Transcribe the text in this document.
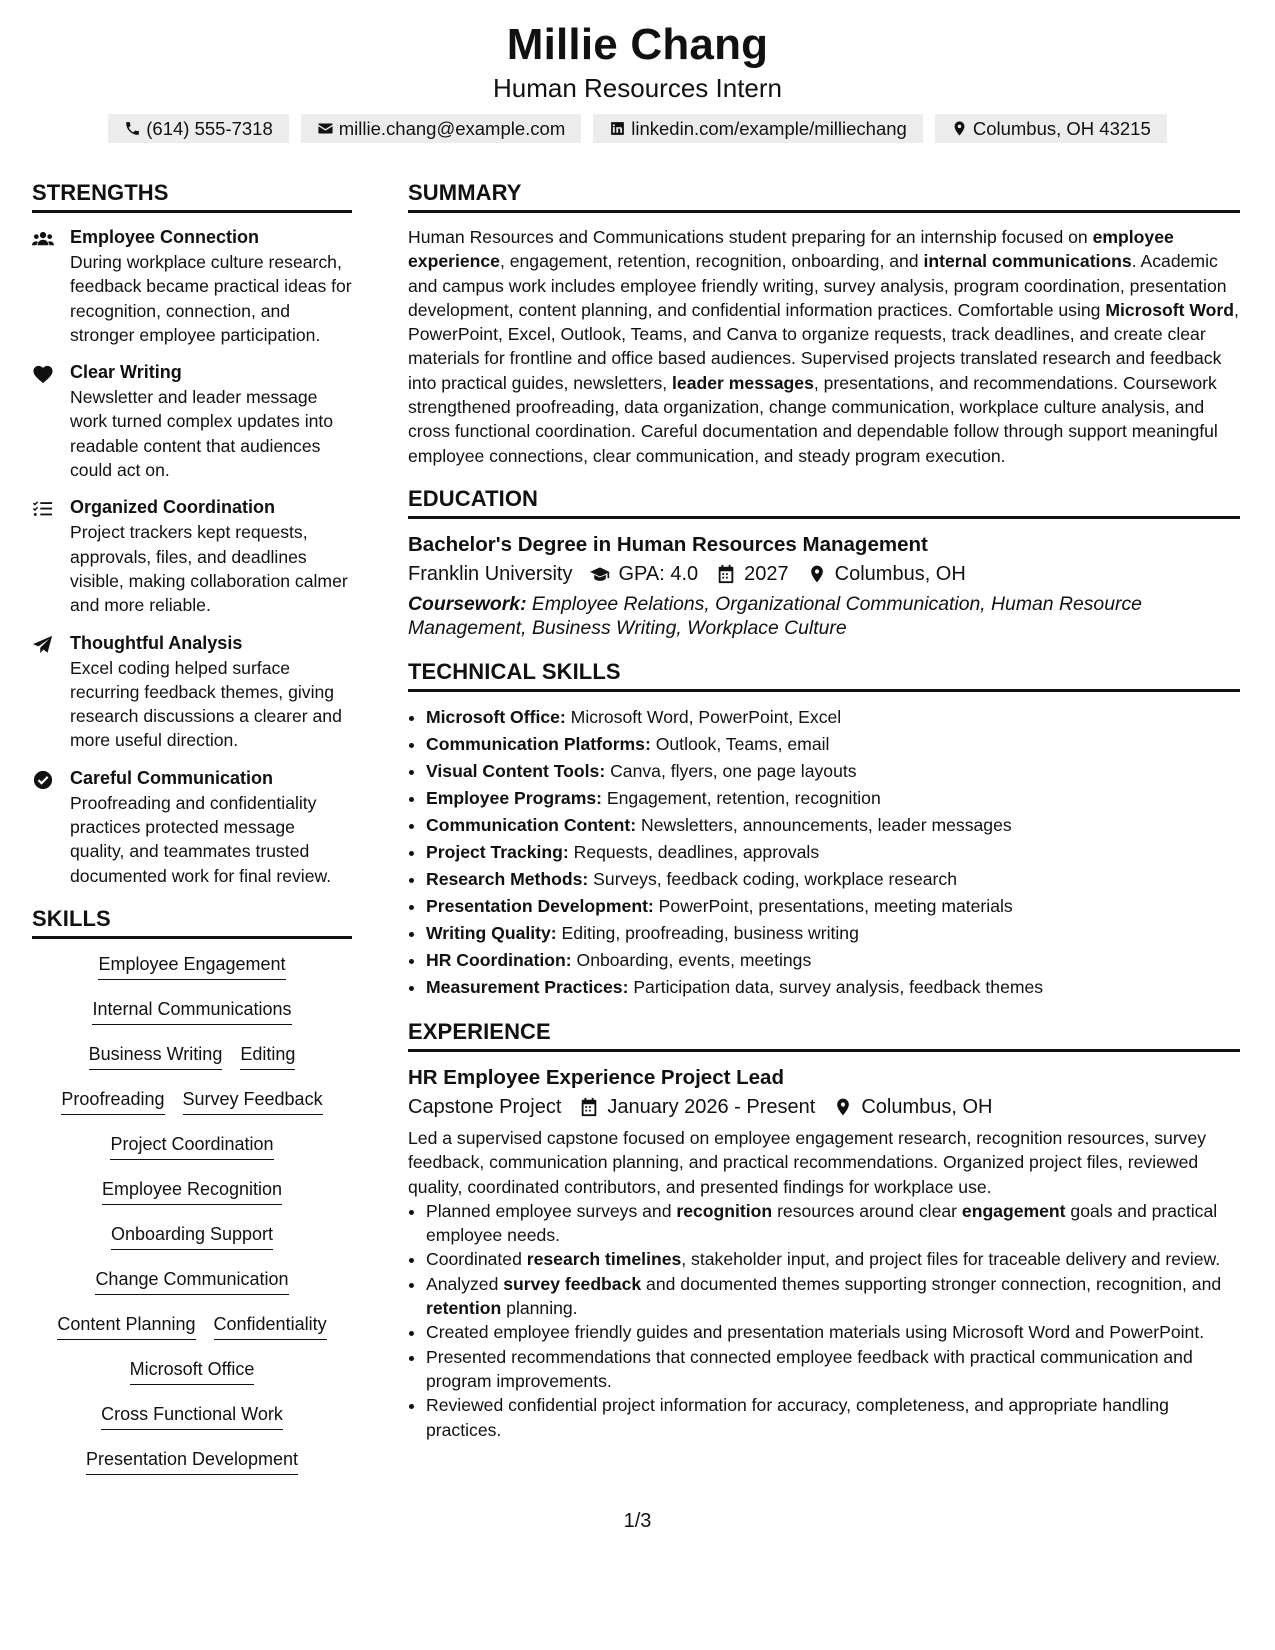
Millie Chang
Human Resources Intern
(614) 555-7318	millie.chang@example.com	linkedin.com/example/milliechang	Columbus, OH 43215
STRENGTHS
Employee Connection
During workplace culture research, feedback became practical ideas for recognition, connection, and stronger employee participation.
Clear Writing
Newsletter and leader message work turned complex updates into readable content that audiences could act on.
Organized Coordination
Project trackers kept requests, approvals, files, and deadlines visible, making collaboration calmer and more reliable.
Thoughtful Analysis
Excel coding helped surface recurring feedback themes, giving research discussions a clearer and more useful direction.
Careful Communication
Proofreading and confidentiality practices protected message quality, and teammates trusted documented work for final review.
SKILLS
Employee Engagement
Internal Communications
Business Writing Editing
Proofreading Survey Feedback
Project Coordination
Employee Recognition
Onboarding Support
Change Communication
Content Planning Confidentiality
Microsoft Office
Cross Functional Work
Presentation Development
SUMMARY

Human Resources and Communications student preparing for an internship focused on employee experience, engagement, retention, recognition, onboarding, and internal communications. Academic and campus work includes employee friendly writing, survey analysis, program coordination, presentation development, content planning, and confidential information practices. Comfortable using Microsoft Word, PowerPoint, Excel, Outlook, Teams, and Canva to organize requests, track deadlines, and create clear materials for frontline and office based audiences. Supervised projects translated research and feedback into practical guides, newsletters, leader messages, presentations, and recommendations. Coursework strengthened proofreading, data organization, change communication, workplace culture analysis, and cross functional coordination. Careful documentation and dependable follow through support meaningful employee connections, clear communication, and steady program execution.

EDUCATION
Bachelor's Degree in Human Resources Management
Franklin University GPA: 4.0 2027 Columbus, OH
Coursework: Employee Relations, Organizational Communication, Human Resource Management, Business Writing, Workplace Culture
TECHNICAL SKILLS
• Microsoft Office: Microsoft Word, PowerPoint, Excel
• Communication Platforms: Outlook, Teams, email
• Visual Content Tools: Canva, flyers, one page layouts
• Employee Programs: Engagement, retention, recognition
• Communication Content: Newsletters, announcements, leader messages
• Project Tracking: Requests, deadlines, approvals
• Research Methods: Surveys, feedback coding, workplace research
• Presentation Development: PowerPoint, presentations, meeting materials
• Writing Quality: Editing, proofreading, business writing
• HR Coordination: Onboarding, events, meetings
• Measurement Practices: Participation data, survey analysis, feedback themes
EXPERIENCE
HR Employee Experience Project Lead
Capstone Project January 2026 - Present Columbus, OH

Led a supervised capstone focused on employee engagement research, recognition resources, survey feedback, communication planning, and practical recommendations. Organized project files, reviewed quality, coordinated contributors, and presented findings for workplace use.

• Planned employee surveys and recognition resources around clear engagement goals and practical employee needs.
• Coordinated research timelines, stakeholder input, and project files for traceable delivery and review.
• Analyzed survey feedback and documented themes supporting stronger connection, recognition, and retention planning.
• Created employee friendly guides and presentation materials using Microsoft Word and PowerPoint.
• Presented recommendations that connected employee feedback with practical communication and program improvements.
• Reviewed confidential project information for accuracy, completeness, and appropriate handling practices.
1/3
